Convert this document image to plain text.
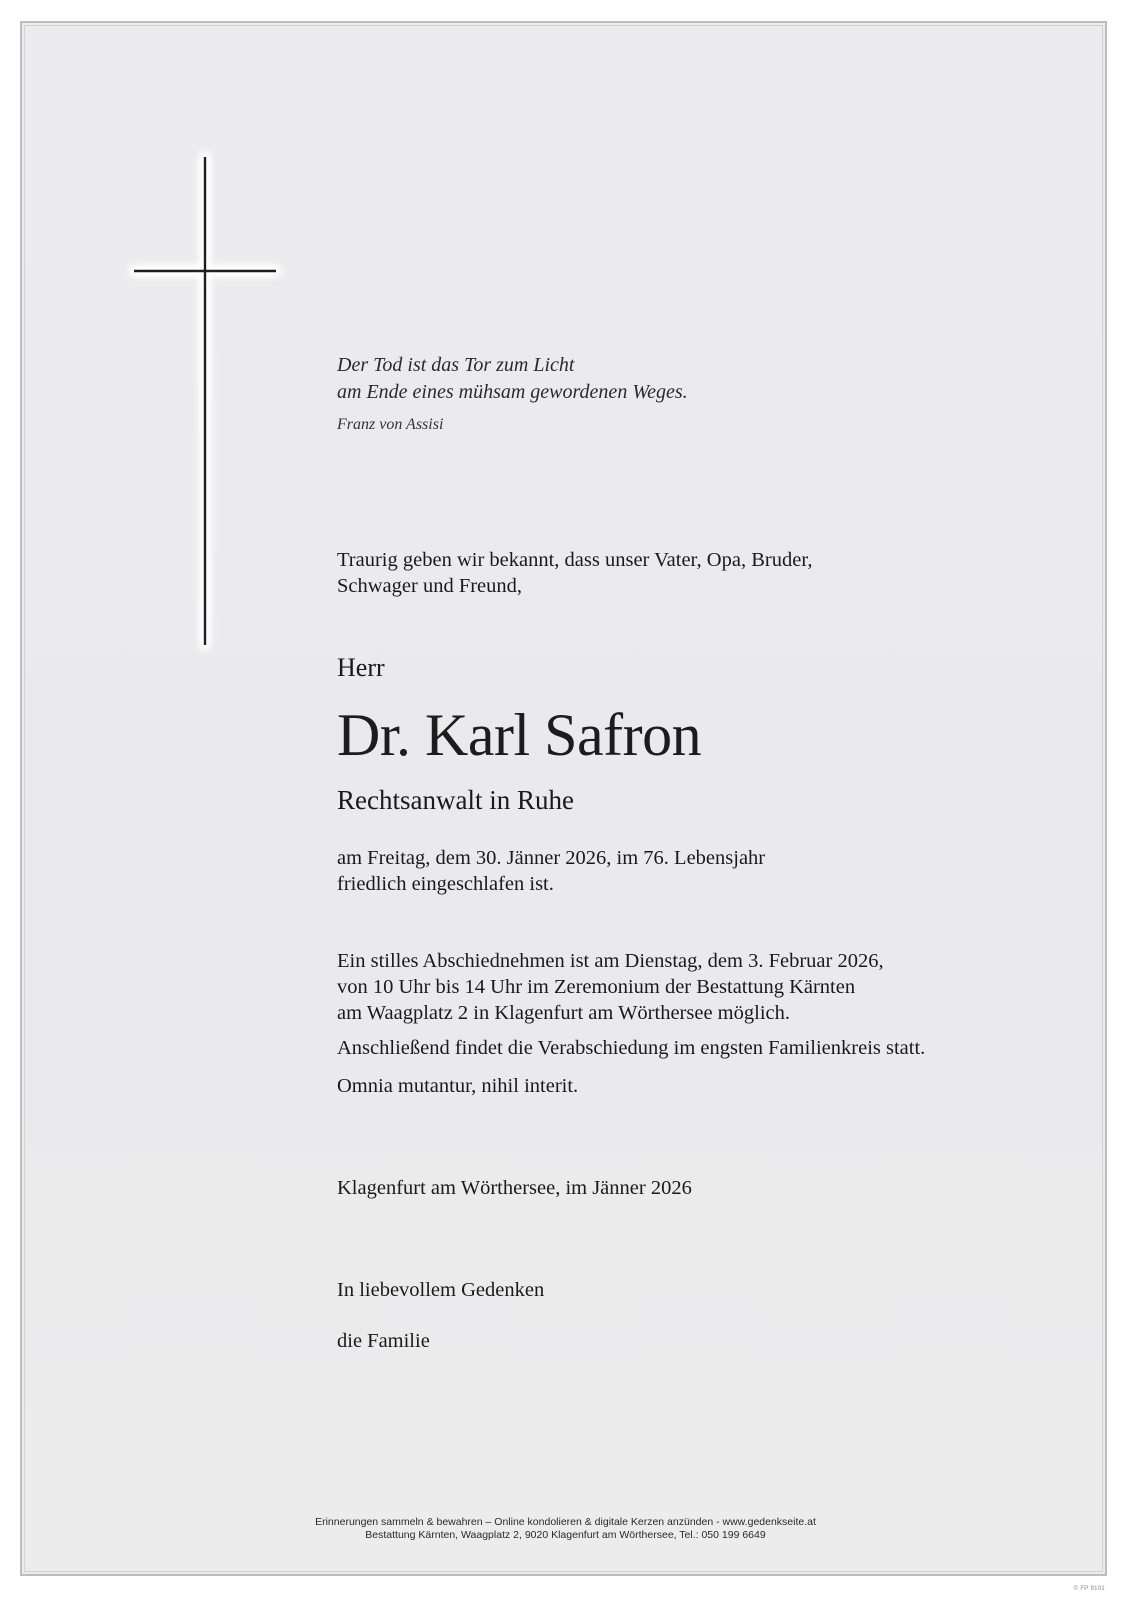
Der Tod ist das Tor zum Licht
am Ende eines mühsam gewordenen Weges.
Franz von Assisi
Traurig geben wir bekannt, dass unser Vater, Opa, Bruder,
Schwager und Freund,
Herr
Dr. Karl Safron
Rechtsanwalt in Ruhe
am Freitag, dem 30. Jänner 2026, im 76. Lebensjahr
friedlich eingeschlafen ist.
Ein stilles Abschiednehmen ist am Dienstag, dem 3. Februar 2026,
von 10 Uhr bis 14 Uhr im Zeremonium der Bestattung Kärnten
am Waagplatz 2 in Klagenfurt am Wörthersee möglich.
Anschließend findet die Verabschiedung im engsten Familienkreis statt.
Omnia mutantur, nihil interit.
Klagenfurt am Wörthersee, im Jänner 2026
In liebevollem Gedenken
die Familie
Erinnerungen sammeln & bewahren – Online kondolieren & digitale Kerzen anzünden - www.gedenkseite.at
Bestattung Kärnten, Waagplatz 2, 9020 Klagenfurt am Wörthersee, Tel.: 050 199 6649
© FP 9101
